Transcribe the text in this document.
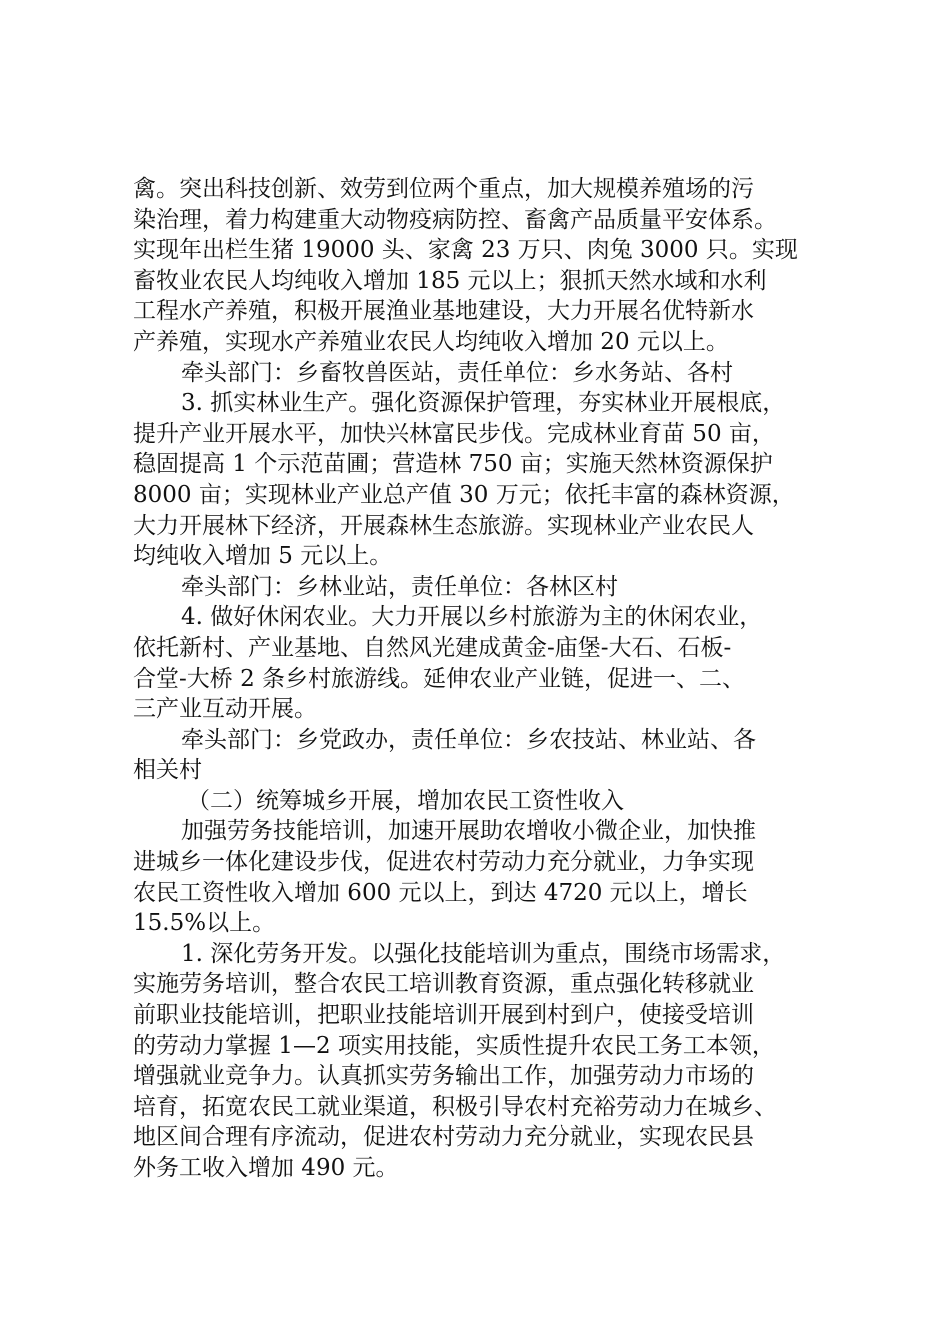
禽。突出科技创新、效劳到位两个重点，加大规模养殖场的污
染治理，着力构建重大动物疫病防控、畜禽产品质量平安体系。
实现年出栏生猪 19000 头、家禽 23 万只、肉兔 3000 只。实现
畜牧业农民人均纯收入增加 185 元以上；狠抓天然水域和水利
工程水产养殖，积极开展渔业基地建设，大力开展名优特新水
产养殖，实现水产养殖业农民人均纯收入增加 20 元以上。
牵头部门：乡畜牧兽医站，责任单位：乡水务站、各村
3. 抓实林业生产。强化资源保护管理，夯实林业开展根底，
提升产业开展水平，加快兴林富民步伐。完成林业育苗 50 亩，
稳固提高 1 个示范苗圃；营造林 750 亩；实施天然林资源保护
8000 亩；实现林业产业总产值 30 万元；依托丰富的森林资源，
大力开展林下经济，开展森林生态旅游。实现林业产业农民人
均纯收入增加 5 元以上。
牵头部门：乡林业站，责任单位：各林区村
4. 做好休闲农业。大力开展以乡村旅游为主的休闲农业，
依托新村、产业基地、自然风光建成黄金-庙堡-大石、石板-
合堂-大桥 2 条乡村旅游线。延伸农业产业链，促进一、二、
三产业互动开展。
牵头部门：乡党政办，责任单位：乡农技站、林业站、各
相关村
（二）统筹城乡开展，增加农民工资性收入
加强劳务技能培训，加速开展助农增收小微企业，加快推
进城乡一体化建设步伐，促进农村劳动力充分就业，力争实现
农民工资性收入增加 600 元以上，到达 4720 元以上，增长
15.5%以上。
1. 深化劳务开发。以强化技能培训为重点，围绕市场需求，
实施劳务培训，整合农民工培训教育资源，重点强化转移就业
前职业技能培训，把职业技能培训开展到村到户，使接受培训
的劳动力掌握 1—2 项实用技能，实质性提升农民工务工本领，
增强就业竞争力。认真抓实劳务输出工作，加强劳动力市场的
培育，拓宽农民工就业渠道，积极引导农村充裕劳动力在城乡、
地区间合理有序流动，促进农村劳动力充分就业，实现农民县
外务工收入增加 490 元。
